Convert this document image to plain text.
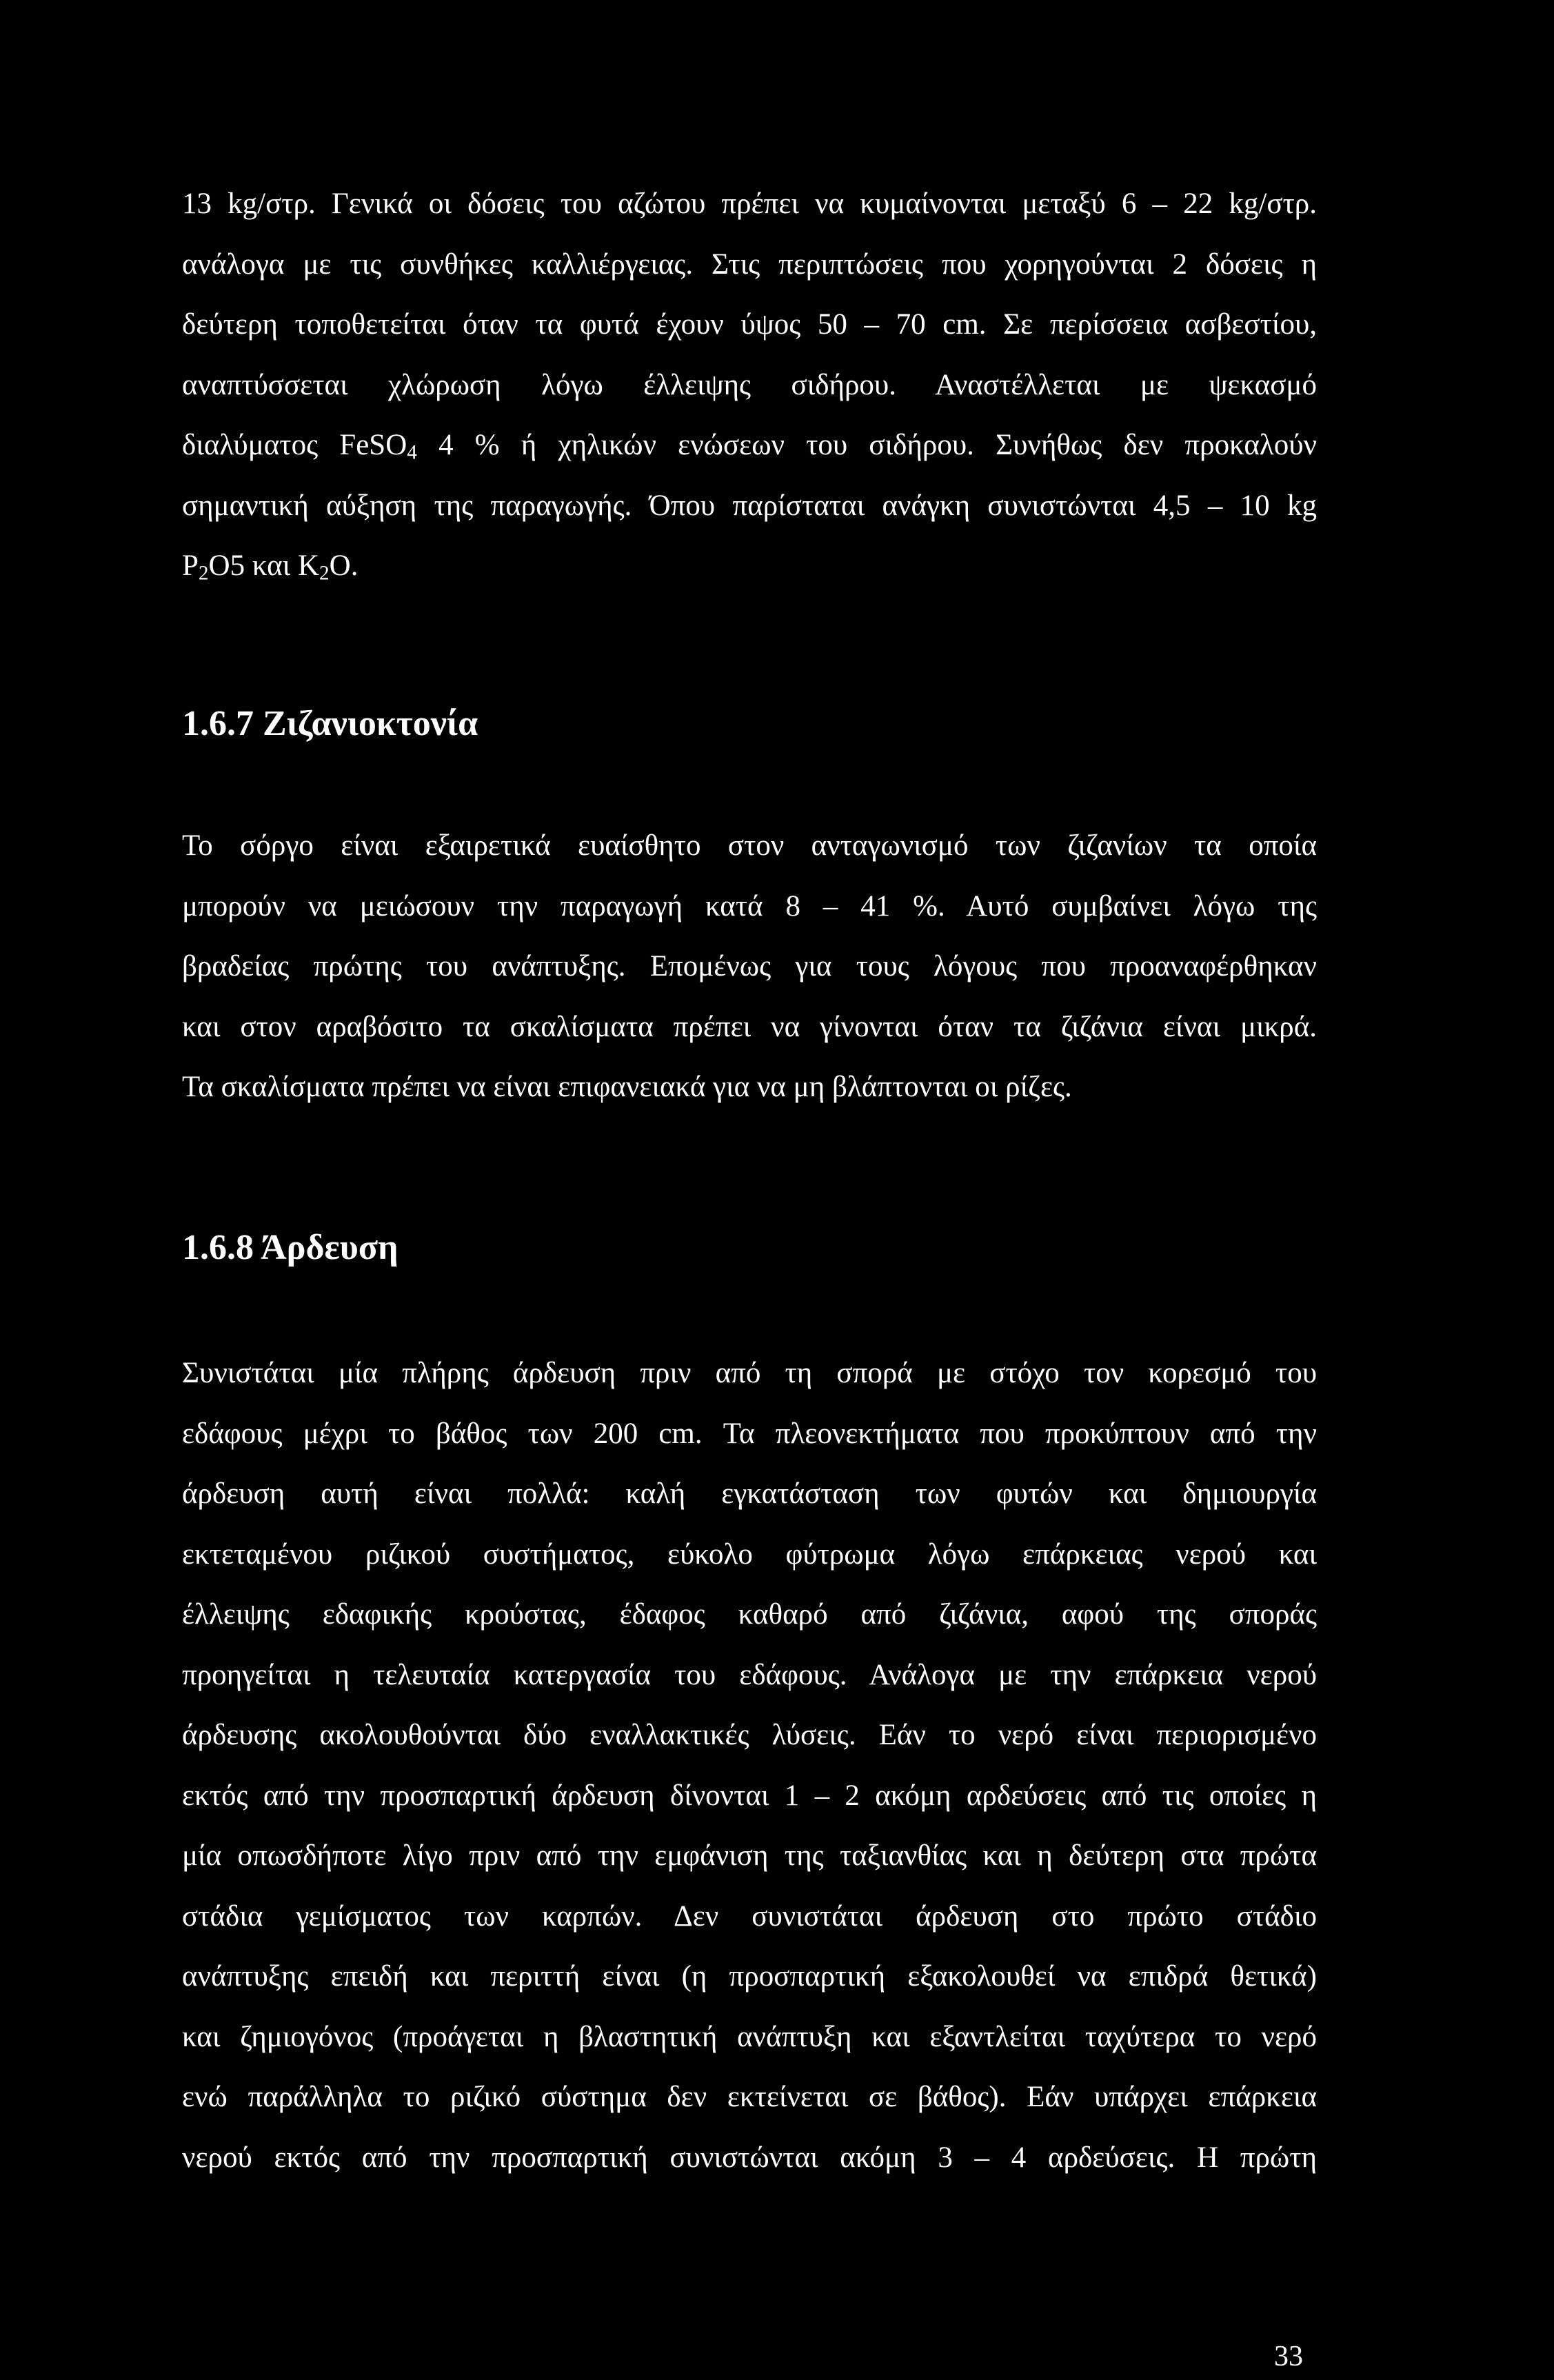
13 kg/στρ. Γενικά οι δόσεις του αζώτου πρέπει να κυμαίνονται μεταξύ 6 – 22 kg/στρ.
ανάλογα με τις συνθήκες καλλιέργειας. Στις περιπτώσεις που χορηγούνται 2 δόσεις η
δεύτερη τοποθετείται όταν τα φυτά έχουν ύψος 50 – 70 cm. Σε περίσσεια ασβεστίου,
αναπτύσσεται χλώρωση λόγω έλλειψης σιδήρου. Αναστέλλεται με ψεκασμό
διαλύματος FeSO$_4$ 4 % ή χηλικών ενώσεων του σιδήρου. Συνήθως δεν προκαλούν
σημαντική αύξηση της παραγωγής. Όπου παρίσταται ανάγκη συνιστώνται 4,5 – 10 kg
$P_2O5$ και $K_2O$.
1.6.7 Ζιζανιοκτονία
Το σόργο είναι εξαιρετικά ευαίσθητο στον ανταγωνισμό των ζιζανίων τα οποία
μπορούν να μειώσουν την παραγωγή κατά 8 – 41 %. Αυτό συμβαίνει λόγω της
βραδείας πρώτης του ανάπτυξης. Επομένως για τους λόγους που προαναφέρθηκαν
και στον αραβόσιτο τα σκαλίσματα πρέπει να γίνονται όταν τα ζιζάνια είναι μικρά.
Τα σκαλίσματα πρέπει να είναι επιφανειακά για να μη βλάπτονται οι ρίζες.
1.6.8 Άρδευση
Συνιστάται μία πλήρης άρδευση πριν από τη σπορά με στόχο τον κορεσμό του
εδάφους μέχρι το βάθος των 200 cm. Τα πλεονεκτήματα που προκύπτουν από την
άρδευση αυτή είναι πολλά: καλή εγκατάσταση των φυτών και δημιουργία
εκτεταμένου ριζικού συστήματος, εύκολο φύτρωμα λόγω επάρκειας νερού και
έλλειψης εδαφικής κρούστας, έδαφος καθαρό από ζιζάνια, αφού της σποράς
προηγείται η τελευταία κατεργασία του εδάφους. Ανάλογα με την επάρκεια νερού
άρδευσης ακολουθούνται δύο εναλλακτικές λύσεις. Εάν το νερό είναι περιορισμένο
εκτός από την προσπαρτική άρδευση δίνονται 1 – 2 ακόμη αρδεύσεις από τις οποίες η
μία οπωσδήποτε λίγο πριν από την εμφάνιση της ταξιανθίας και η δεύτερη στα πρώτα
στάδια γεμίσματος των καρπών. Δεν συνιστάται άρδευση στο πρώτο στάδιο
ανάπτυξης επειδή και περιττή είναι (η προσπαρτική εξακολουθεί να επιδρά θετικά)
και ζημιογόνος (προάγεται η βλαστητική ανάπτυξη και εξαντλείται ταχύτερα το νερό
ενώ παράλληλα το ριζικό σύστημα δεν εκτείνεται σε βάθος). Εάν υπάρχει επάρκεια
νερού εκτός από την προσπαρτική συνιστώνται ακόμη 3 – 4 αρδεύσεις. Η πρώτη
33
